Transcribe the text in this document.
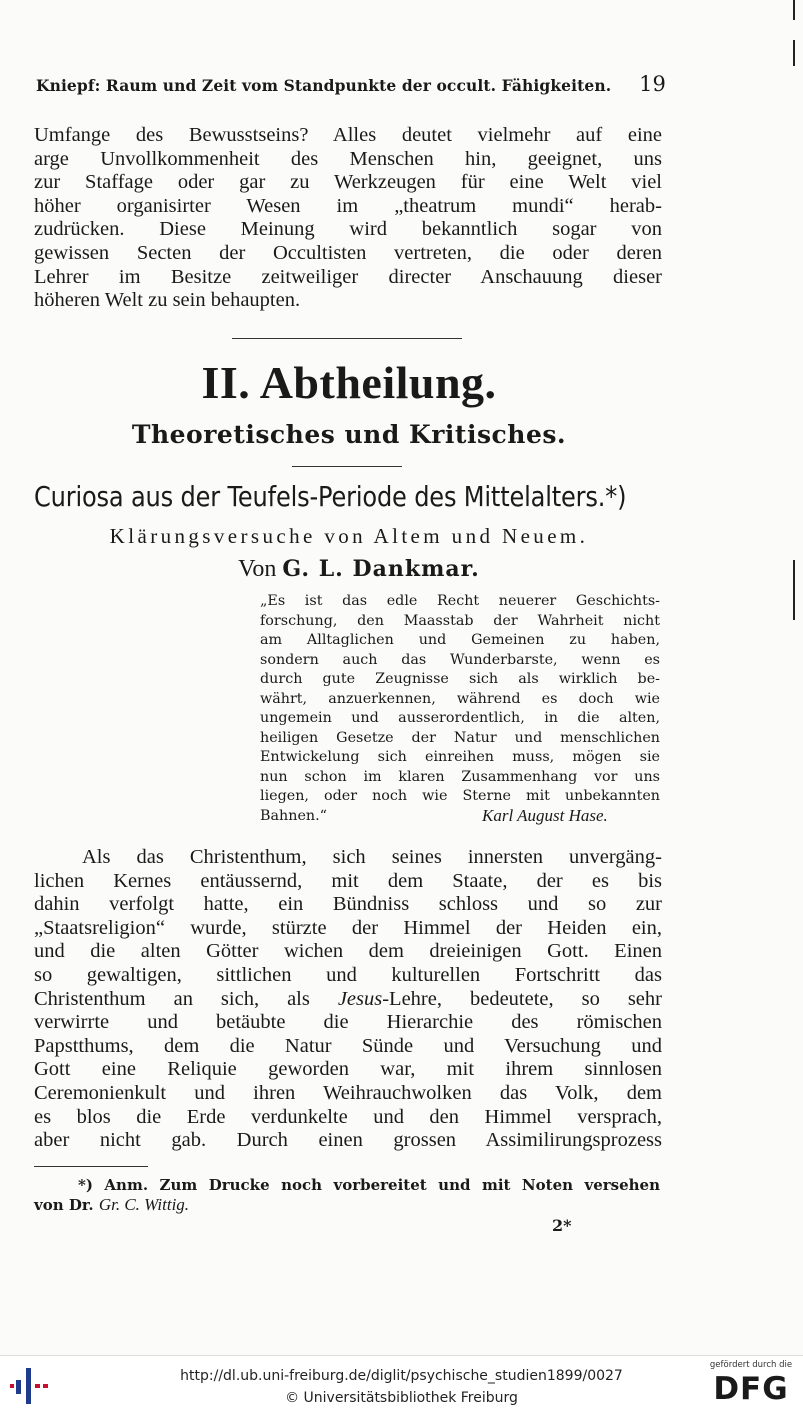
Kniepf: Raum und Zeit vom Standpunkte der occult. Fähigkeiten. 19
Umfange des Bewusstseins? Alles deutet vielmehr auf eine
arge Unvollkommenheit des Menschen hin, geeignet, uns
zur Staffage oder gar zu Werkzeugen für eine Welt viel
höher organisirter Wesen im „theatrum mundi“ herab-
zudrücken. Diese Meinung wird bekanntlich sogar von
gewissen Secten der Occultisten vertreten, die oder deren
Lehrer im Besitze zeitweiliger directer Anschauung dieser
höheren Welt zu sein behaupten.
II. Abtheilung.
Theoretisches und Kritisches.
Curiosa aus der Teufels-Periode des Mittelalters.*)
Klärungsversuche von Altem und Neuem.
Von G. L. Dankmar.
„Es ist das edle Recht neuerer Geschichts-
forschung, den Maasstab der Wahrheit nicht
am Alltaglichen und Gemeinen zu haben,
sondern auch das Wunderbarste, wenn es
durch gute Zeugnisse sich als wirklich be-
währt, anzuerkennen, während es doch wie
ungemein und ausserordentlich, in die alten,
heiligen Gesetze der Natur und menschlichen
Entwickelung sich einreihen muss, mögen sie
nun schon im klaren Zusammenhang vor uns
liegen, oder noch wie Sterne mit unbekannten
Bahnen.“	Karl August Hase.
Als das Christenthum, sich seines innersten unvergäng-
lichen Kernes entäussernd, mit dem Staate, der es bis
dahin verfolgt hatte, ein Bündniss schloss und so zur
„Staatsreligion“ wurde, stürzte der Himmel der Heiden ein,
und die alten Götter wichen dem dreieinigen Gott. Einen
so gewaltigen, sittlichen und kulturellen Fortschritt das
Christenthum an sich, als Jesus-Lehre, bedeutete, so sehr
verwirrte und betäubte die Hierarchie des römischen
Papstthums, dem die Natur Sünde und Versuchung und
Gott eine Reliquie geworden war, mit ihrem sinnlosen
Ceremonienkult und ihren Weihrauchwolken das Volk, dem
es blos die Erde verdunkelte und den Himmel versprach,
aber nicht gab. Durch einen grossen Assimilirungsprozess
*) Anm. Zum Drucke noch vorbereitet und mit Noten versehen
von Dr. Gr. C. Wittig.
2*
http://dl.ub.uni-freiburg.de/diglit/psychische_studien1899/0027
© Universitätsbibliothek Freiburg
gefördert durch die
DFG
